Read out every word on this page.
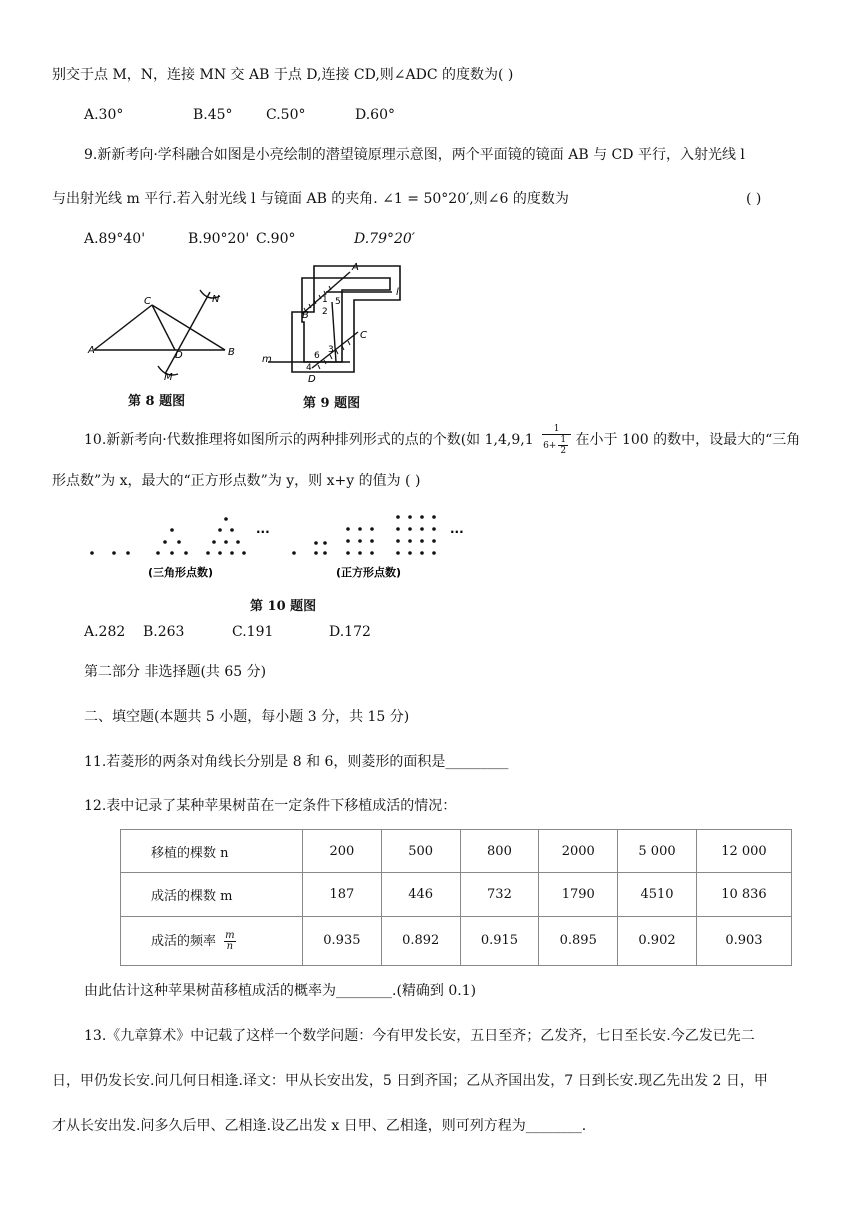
别交于点 M，N，连接 MN 交 AB 于点 D,连接 CD,则∠ADC 的度数为( )
A.30°	B.45° C.50°	D.60°
9.新新考向·学科融合如图是小亮绘制的潜望镜原理示意图，两个平面镜的镜面 AB 与 CD 平行，入射光线 l
与出射光线 m 平行.若入射光线 l 与镜面 AB 的夹角. ∠1 = 50°20′,则∠6 的度数为	( )
A.89°40'	B.90°20' C.90°	D.79°20′
A	B
C
D
M
N
第 8 题图
A
B
C
D
l
m
1
2
3
4
5
6
第 9 题图
10.新新考向·代数推理将如图所示的两种排列形式的点的个数(如 $1,4,9,1 \frac{1}{6+ \frac{1}{2}}$ 在小于 100 的数中，设最大的“三角
形点数”为 x，最大的“正方形点数”为 y，则 x+y 的值为 ( )
···	···
(三角形点数)	(正方形点数)
第 10 题图
A.282 B.263	C.191	D.172
第二部分 非选择题(共 65 分)
二、填空题(本题共 5 小题，每小题 3 分，共 15 分)
11.若菱形的两条对角线长分别是 8 和 6，则菱形的面积是_________
12.表中记录了某种苹果树苗在一定条件下移植成活的情况：
移植的棵数 n	200	500	800	2000	5 000	12 000
成活的棵数 m	187	446	732	1790	4510	10 836
成活的频率 $\frac{m}{n}$	0.935	0.892	0.915	0.895	0.902	0.903
由此估计这种苹果树苗移植成活的概率为________.(精确到 0.1)
13.《九章算术》中记载了这样一个数学问题：今有甲发长安，五日至齐；乙发齐，七日至长安.今乙发已先二
日，甲仍发长安.问几何日相逢.译文：甲从长安出发，5 日到齐国；乙从齐国出发，7 日到长安.现乙先出发 2 日，甲
才从长安出发.问多久后甲、乙相逢.设乙出发 x 日甲、乙相逢，则可列方程为________.
